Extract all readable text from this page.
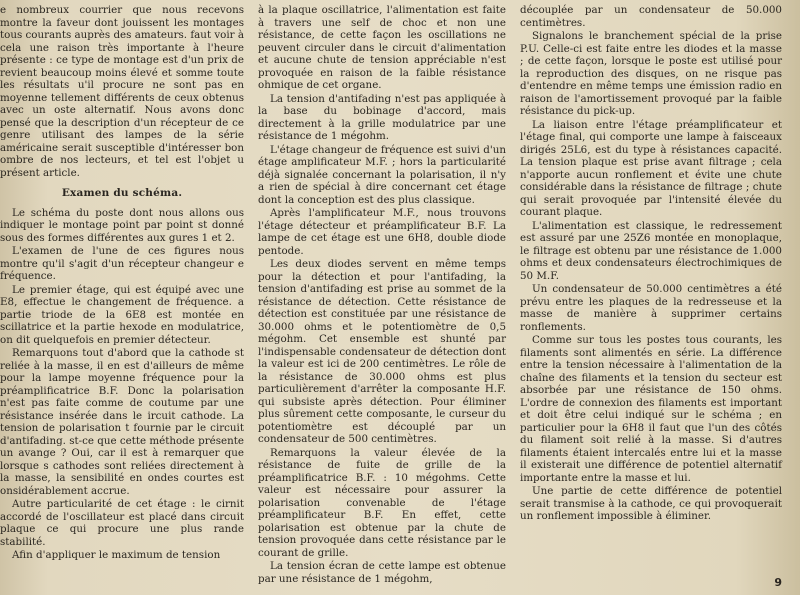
e nombreux courrier que nous recevons montre la faveur dont jouissent les montages tous courants auprès des amateurs. faut voir à cela une raison très importante à l'heure présente : ce type de montage est d'un prix de revient beaucoup moins élevé et somme toute les résultats u'il procure ne sont pas en moyenne tellement différents de ceux obtenus avec un oste alternatif. Nous avons donc pensé que la description d'un récepteur de ce genre utilisant des lampes de la série américaine serait susceptible d'intéresser bon ombre de nos lecteurs, et tel est l'objet u présent article.

Examen du schéma.

Le schéma du poste dont nous allons ous indiquer le montage point par point st donné sous des formes différentes aux gures 1 et 2.

L'examen de l'une de ces figures nous montre qu'il s'agit d'un récepteur changeur e fréquence.

Le premier étage, qui est équipé avec une E8, effectue le changement de fréquence. a partie triode de la 6E8 est montée en scillatrice et la partie hexode en modulatrice, on dit quelquefois en premier détecteur.

Remarquons tout d'abord que la cathode st reliée à la masse, il en est d'ailleurs de même pour la lampe moyenne fréquence pour la préamplificatrice B.F. Donc la polarisation n'est pas faite comme de coutume par une résistance insérée dans le ircuit cathode. La tension de polarisation t fournie par le circuit d'antifading. st-ce que cette méthode présente un avange ? Oui, car il est à remarquer que lorsque s cathodes sont reliées directement à la masse, la sensibilité en ondes courtes est onsidérablement accrue.

Autre particularité de cet étage : le cirnit accordé de l'oscillateur est placé dans circuit plaque ce qui procure une plus rande stabilité.

Afin d'appliquer le maximum de tension

à la plaque oscillatrice, l'alimentation est faite à travers une self de choc et non une résistance, de cette façon les oscillations ne peuvent circuler dans le circuit d'alimentation et aucune chute de tension appréciable n'est provoquée en raison de la faible résistance ohmique de cet organe.

La tension d'antifading n'est pas appliquée à la base du bobinage d'accord, mais directement à la grille modulatrice par une résistance de 1 mégohm.

L'étage changeur de fréquence est suivi d'un étage amplificateur M.F. ; hors la particularité déjà signalée concernant la polarisation, il n'y a rien de spécial à dire concernant cet étage dont la conception est des plus classique.

Après l'amplificateur M.F., nous trouvons l'étage détecteur et préamplificateur B.F. La lampe de cet étage est une 6H8, double diode pentode.

Les deux diodes servent en même temps pour la détection et pour l'antifading, la tension d'antifading est prise au sommet de la résistance de détection. Cette résistance de détection est constituée par une résistance de 30.000 ohms et le potentiomètre de 0,5 mégohm. Cet ensemble est shunté par l'indispensable condensateur de détection dont la valeur est ici de 200 centimètres. Le rôle de la résistance de 30.000 ohms est plus particulièrement d'arrêter la composante H.F. qui subsiste après détection. Pour éliminer plus sûrement cette composante, le curseur du potentiomètre est découplé par un condensateur de 500 centimètres.

Remarquons la valeur élevée de la résistance de fuite de grille de la préamplificatrice B.F. : 10 mégohms. Cette valeur est nécessaire pour assurer la polarisation convenable de l'étage préamplificateur B.F. En effet, cette polarisation est obtenue par la chute de tension provoquée dans cette résistance par le courant de grille.

La tension écran de cette lampe est obtenue par une résistance de 1 mégohm,

découplée par un condensateur de 50.000 centimètres.

Signalons le branchement spécial de la prise P.U. Celle-ci est faite entre les diodes et la masse ; de cette façon, lorsque le poste est utilisé pour la reproduction des disques, on ne risque pas d'entendre en même temps une émission radio en raison de l'amortissement provoqué par la faible résistance du pick-up.

La liaison entre l'étage préamplificateur et l'étage final, qui comporte une lampe à faisceaux dirigés 25L6, est du type à résistances capacité. La tension plaque est prise avant filtrage ; cela n'apporte aucun ronflement et évite une chute considérable dans la résistance de filtrage ; chute qui serait provoquée par l'intensité élevée du courant plaque.

L'alimentation est classique, le redressement est assuré par une 25Z6 montée en monoplaque, le filtrage est obtenu par une résistance de 1.000 ohms et deux condensateurs électrochimiques de 50 M.F.

Un condensateur de 50.000 centimètres a été prévu entre les plaques de la redresseuse et la masse de manière à supprimer certains ronflements.

Comme sur tous les postes tous courants, les filaments sont alimentés en série. La différence entre la tension nécessaire à l'alimentation de la chaîne des filaments et la tension du secteur est absorbée par une résistance de 150 ohms. L'ordre de connexion des filaments est important et doit être celui indiqué sur le schéma ; en particulier pour la 6H8 il faut que l'un des côtés du filament soit relié à la masse. Si d'autres filaments étaient intercalés entre lui et la masse il existerait une différence de potentiel alternatif importante entre la masse et lui.

Une partie de cette différence de potentiel serait transmise à la cathode, ce qui provoquerait un ronflement impossible à éliminer.

9
